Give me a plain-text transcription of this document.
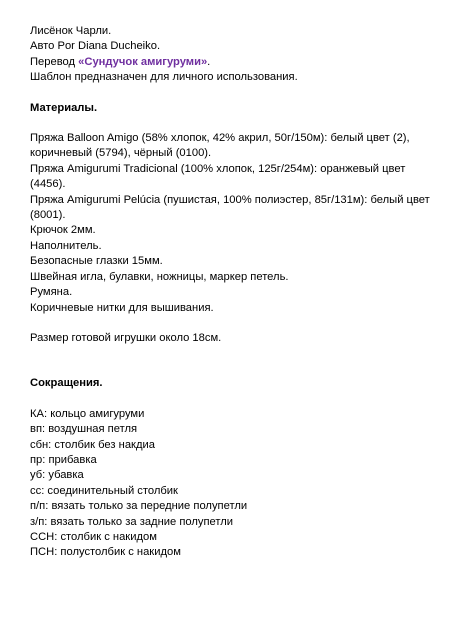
Лисёнок Чарли.
Авто Por Diana Ducheiko.
Перевод «Сундучок амигуруми».
Шаблон предназначен для личного использования.
Материалы.
Пряжа Balloon Amigo (58% хлопок, 42% акрил, 50г/150м): белый цвет (2), коричневый (5794), чёрный (0100).
Пряжа Amigurumi Tradicional (100% хлопок, 125г/254м): оранжевый цвет (4456).
Пряжа Amigurumi Pelúcia (пушистая, 100% полиэстер, 85г/131м): белый цвет (8001).
Крючок 2мм.
Наполнитель.
Безопасные глазки 15мм.
Швейная игла, булавки, ножницы, маркер петель.
Румяна.
Коричневые нитки для вышивания.
Размер готовой игрушки около 18см.
Сокращения.
КА: кольцо амигуруми
вп: воздушная петля
сбн: столбик без накдиа
пр: прибавка
уб: убавка
сс: соединительный столбик
п/п: вязать только за передние полупетли
з/п: вязать только за задние полупетли
ССН: столбик с накидом
ПСН: полустолбик с накидом
